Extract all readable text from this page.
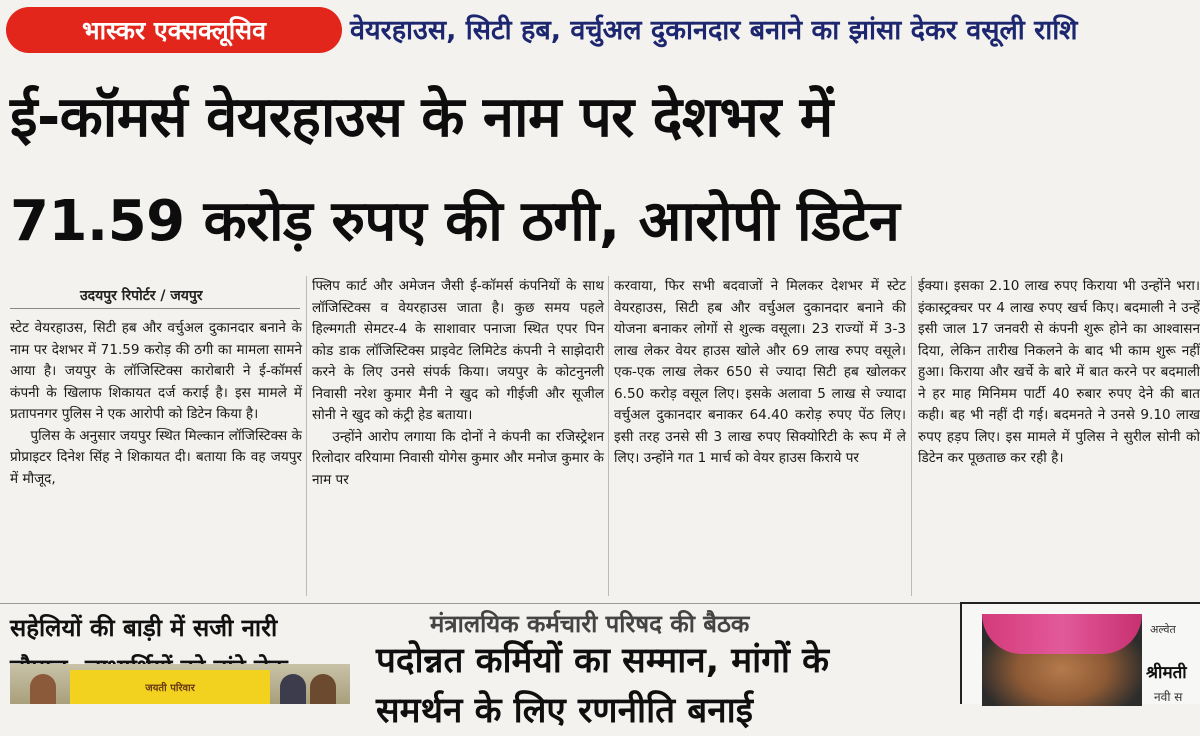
भास्कर एक्सक्लूसिव	वेयरहाउस, सिटी हब, वर्चुअल दुकानदार बनाने का झांसा देकर वसूली राशि
ई-कॉमर्स वेयरहाउस के नाम पर देशभर में
71.59 करोड़ रुपए की ठगी, आरोपी डिटेन
उदयपुर रिपोर्टर / जयपुर

स्टेट वेयरहाउस, सिटी हब और वर्चुअल दुकानदार बनाने के नाम पर देशभर में 71.59 करोड़ की ठगी का मामला सामने आया है। जयपुर के लॉजिस्टिक्स कारोबारी ने ई-कॉमर्स कंपनी के खिलाफ शिकायत दर्ज कराई है। इस मामले में प्रतापनगर पुलिस ने एक आरोपी को डिटेन किया है।

पुलिस के अनुसार जयपुर स्थित मिल्कान लॉजिस्टिक्स के प्रोप्राइटर दिनेश सिंह ने शिकायत दी। बताया कि वह जयपुर में मौजूद,

फ्लिप कार्ट और अमेजन जैसी ई-कॉमर्स कंपनियों के साथ लॉजिस्टिक्स व वेयरहाउस जाता है। कुछ समय पहले हिल्मगती सेमटर-4 के साशावार पनाजा स्थित एपर पिन कोड डाक लॉजिस्टिक्स प्राइवेट लिमिटेड कंपनी ने साझेदारी करने के लिए उनसे संपर्क किया। जयपुर के कोटनुनली निवासी नरेश कुमार मैनी ने खुद को गीईजी और सूजील सोनी ने खुद को कंट्री हेड बताया।

उन्होंने आरोप लगाया कि दोनों ने कंपनी का रजिस्ट्रेशन रिलोदार वरियामा निवासी योगेस कुमार और मनोज कुमार के नाम पर

करवाया, फिर सभी बदवाजों ने मिलकर देशभर में स्टेट वेयरहाउस, सिटी हब और वर्चुअल दुकानदार बनाने की योजना बनाकर लोगों से शुल्क वसूला। 23 राज्यों में 3-3 लाख लेकर वेयर हाउस खोले और 69 लाख रुपए वसूले। एक-एक लाख लेकर 650 से ज्यादा सिटी हब खोलकर 6.50 करोड़ वसूल लिए। इसके अलावा 5 लाख से ज्यादा वर्चुअल दुकानदार बनाकर 64.40 करोड़ रुपए पेंठ लिए। इसी तरह उनसे सी 3 लाख रुपए सिक्योरिटी के रूप में ले लिए। उन्होंने गत 1 मार्च को वेयर हाउस किराये पर

ईक्या। इसका 2.10 लाख रुपए किराया भी उन्होंने भरा। इंकास्ट्रक्चर पर 4 लाख रुपए खर्च किए। बदमाली ने उन्हें इसी जाल 17 जनवरी से कंपनी शुरू होने का आश्वासन दिया, लेकिन तारीख निकलने के बाद भी काम शुरू नहीं हुआ। किराया और खर्चे के बारे में बात करने पर बदमाली ने हर माह मिनिमम पार्टी 40 रुबार रुपए देने की बात कही। बह भी नहीं दी गई। बदमनते ने उनसे 9.10 लाख रुपए हड़प लिए। इस मामले में पुलिस ने सुरील सोनी को डिटेन कर पूछताछ कर रही है।

सहेलियों की बाड़ी में सजी नारी
जयती परिवार
मंत्रालयिक कर्मचारी परिषद की बैठक
पदोन्नत कर्मियों का सम्मान, मांगों के
समर्थन के लिए रणनीति बनाई
अल्वेत
श्रीमती
नवी स
